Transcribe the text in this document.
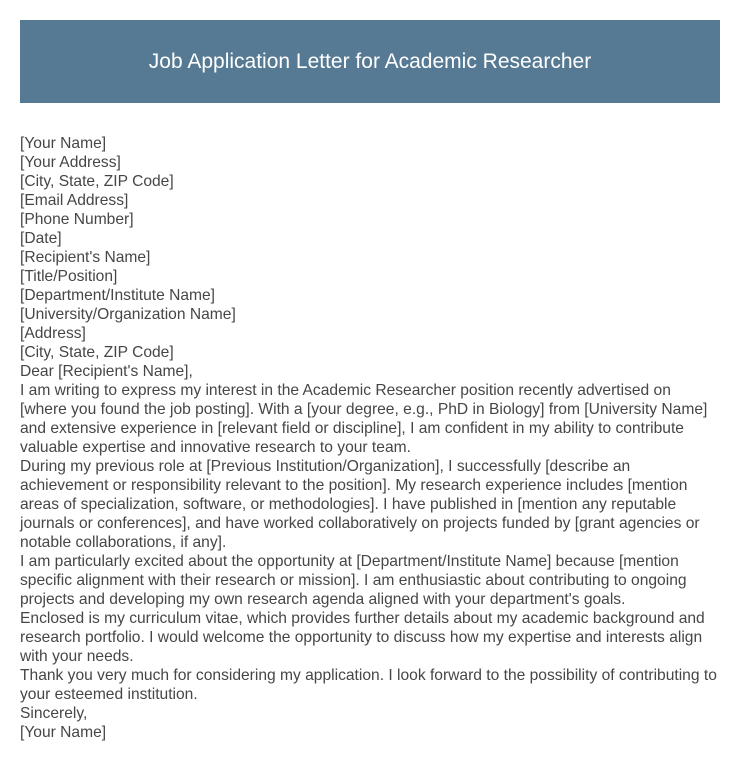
Job Application Letter for Academic Researcher
[Your Name]
[Your Address]
[City, State, ZIP Code]
[Email Address]
[Phone Number]
[Date]
[Recipient's Name]
[Title/Position]
[Department/Institute Name]
[University/Organization Name]
[Address]
[City, State, ZIP Code]
Dear [Recipient's Name],

I am writing to express my interest in the Academic Researcher position recently advertised on [where you found the job posting]. With a [your degree, e.g., PhD in Biology] from [University Name] and extensive experience in [relevant field or discipline], I am confident in my ability to contribute valuable expertise and innovative research to your team.

During my previous role at [Previous Institution/Organization], I successfully [describe an achievement or responsibility relevant to the position]. My research experience includes [mention areas of specialization, software, or methodologies]. I have published in [mention any reputable journals or conferences], and have worked collaboratively on projects funded by [grant agencies or notable collaborations, if any].

I am particularly excited about the opportunity at [Department/Institute Name] because [mention specific alignment with their research or mission]. I am enthusiastic about contributing to ongoing projects and developing my own research agenda aligned with your department's goals.

Enclosed is my curriculum vitae, which provides further details about my academic background and research portfolio. I would welcome the opportunity to discuss how my expertise and interests align with your needs.

Thank you very much for considering my application. I look forward to the possibility of contributing to your esteemed institution.

Sincerely,
[Your Name]
